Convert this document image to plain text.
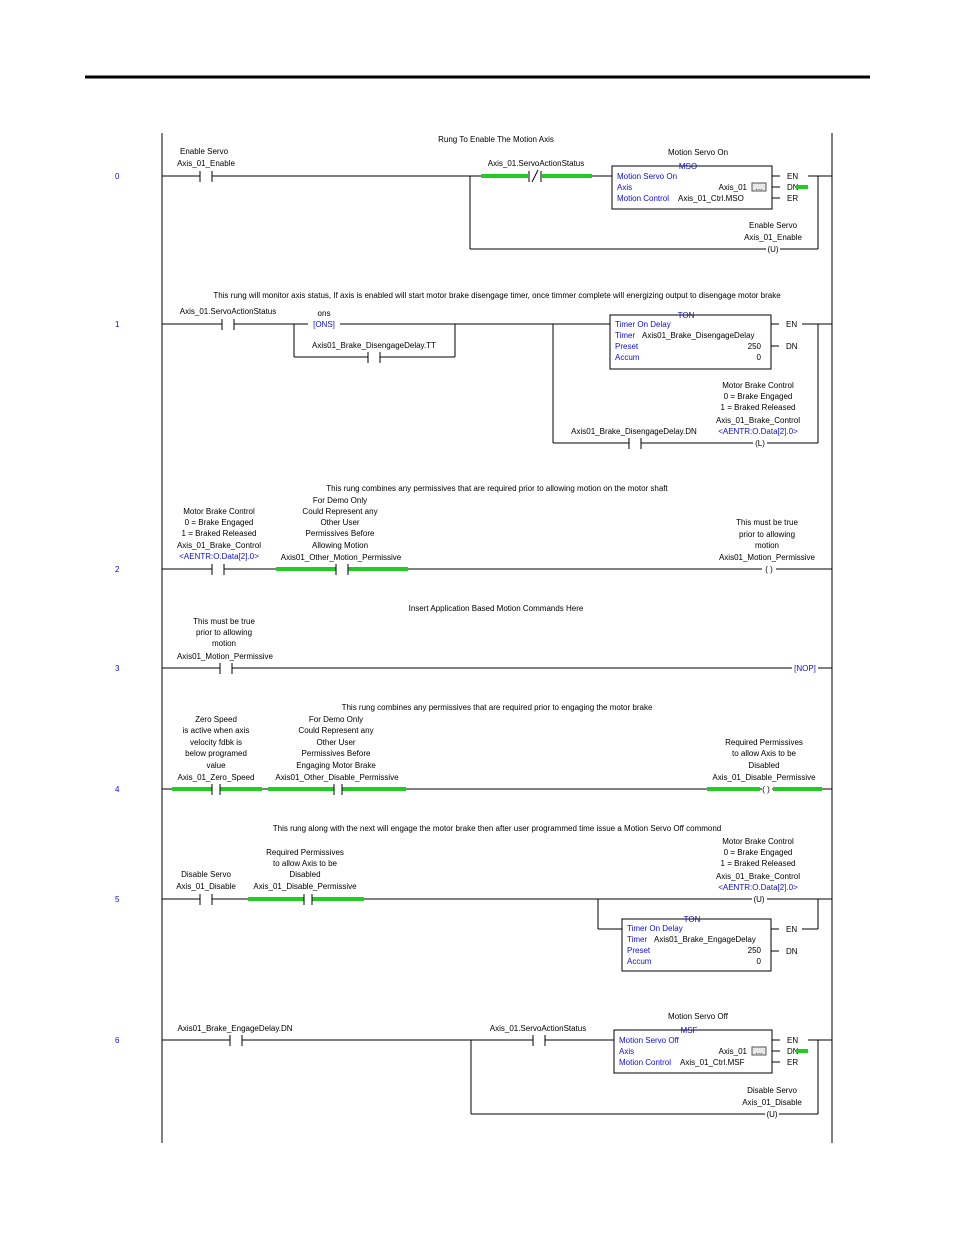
0
Rung To Enable The Motion Axis
Enable Servo
Axis_01_Enable	Axis_01.ServoActionStatus
Motion Servo On
MSO
Motion Servo On
Axis	Axis_01 ...
Motion Control Axis_01_Ctrl.MSO
EN
DN
ER
Enable Servo
Axis_01_Enable
(U)
1
This rung will monitor axis status, If axis is enabled will start motor brake disengage timer, once timmer complete will energizing output to disengage motor brake
Axis_01.ServoActionStatus	ons
[ONS]
Axis01_Brake_DisengageDelay.TT
TON
Timer On Delay
Timer Axis01_Brake_DisengageDelay
Preset	250
Accum	0
EN
DN
Axis01_Brake_DisengageDelay.DN
Motor Brake Control
0 = Brake Engaged
1 = Braked Released
Axis_01_Brake_Control
<AENTR:O.Data[2].0>
(L)
2
This rung combines any permissives that are required prior to allowing motion on the motor shaft
Motor Brake Control
0 = Brake Engaged
1 = Braked Released
Axis_01_Brake_Control
<AENTR:O.Data[2].0>
For Demo Only
Could Represent any
Other User
Permissives Before
Allowing Motion
Axis01_Other_Motion_Permissive
This must be true
prior to allowing
motion
Axis01_Motion_Permissive
( )
3
Insert Application Based Motion Commands Here
This must be true
prior to allowing
motion
Axis01_Motion_Permissive
[NOP]
4
This rung combines any permissives that are required prior to engaging the motor brake
Zero Speed
is active when axis
velocity fdbk is
below programed
value
Axis_01_Zero_Speed
For Demo Only
Could Represent any
Other User
Permissives Before
Engaging Motor Brake
Axis01_Other_Disable_Permissive
Required Permissives
to allow Axis to be
Disabled
Axis_01_Disable_Permissive
( )
5
This rung along with the next will engage the motor brake then after user programmed time issue a Motion Servo Off commond
Disable Servo
Axis_01_Disable
Required Permissives
to allow Axis to be
Disabled
Axis_01_Disable_Permissive
Motor Brake Control
0 = Brake Engaged
1 = Braked Released
Axis_01_Brake_Control
<AENTR:O.Data[2].0>
(U)
TON
Timer On Delay
Timer Axis01_Brake_EngageDelay
Preset	250
Accum	0
EN
DN
6
Axis01_Brake_EngageDelay.DN	Axis_01.ServoActionStatus
Motion Servo Off
MSF
Motion Servo Off
Axis	Axis_01 ...
Motion Control Axis_01_Ctrl.MSF
EN
DN
ER
Disable Servo
Axis_01_Disable
(U)
